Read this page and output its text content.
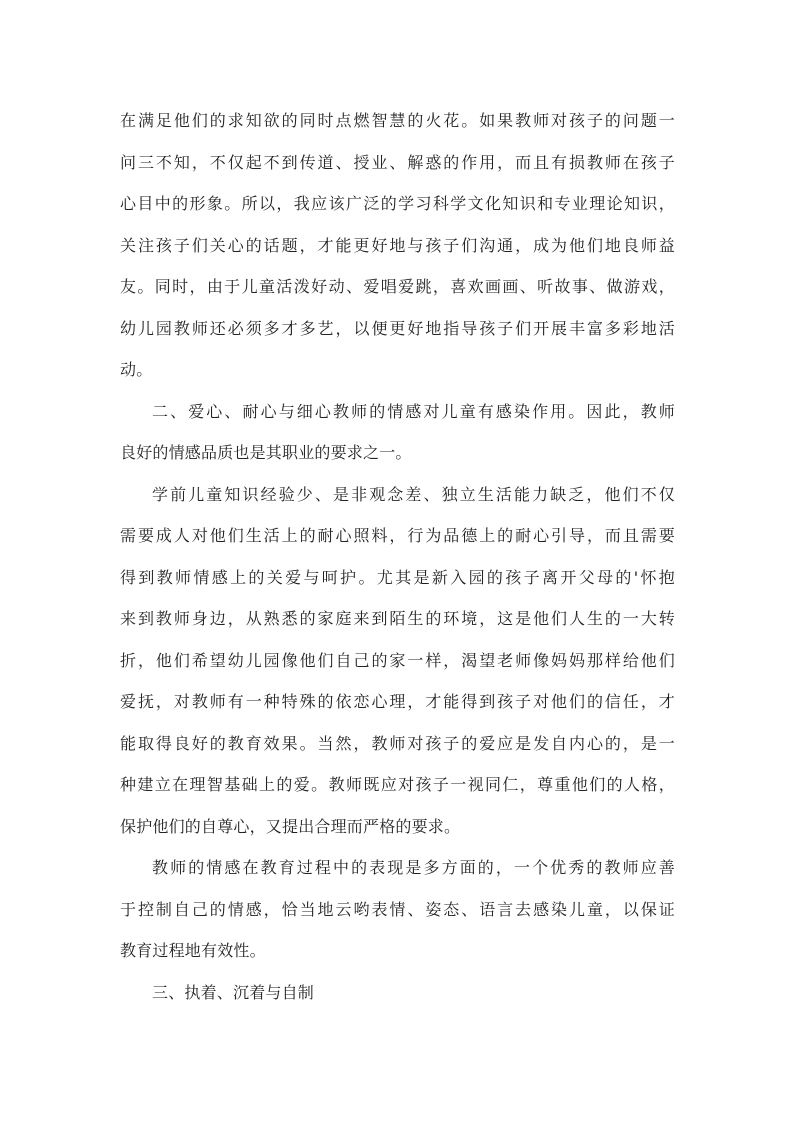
在满足他们的求知欲的同时点燃智慧的火花。如果教师对孩子的问题一
问三不知，不仅起不到传道、授业、解惑的作用，而且有损教师在孩子
心目中的形象。所以，我应该广泛的学习科学文化知识和专业理论知识，
关注孩子们关心的话题，才能更好地与孩子们沟通，成为他们地良师益
友。同时，由于儿童活泼好动、爱唱爱跳，喜欢画画、听故事、做游戏，
幼儿园教师还必须多才多艺，以便更好地指导孩子们开展丰富多彩地活
动。
二、爱心、耐心与细心教师的情感对儿童有感染作用。因此，教师
良好的情感品质也是其职业的要求之一。
学前儿童知识经验少、是非观念差、独立生活能力缺乏，他们不仅
需要成人对他们生活上的耐心照料，行为品德上的耐心引导，而且需要
得到教师情感上的关爱与呵护。尤其是新入园的孩子离开父母的'怀抱
来到教师身边，从熟悉的家庭来到陌生的环境，这是他们人生的一大转
折，他们希望幼儿园像他们自己的家一样，渴望老师像妈妈那样给他们
爱抚，对教师有一种特殊的依恋心理，才能得到孩子对他们的信任，才
能取得良好的教育效果。当然，教师对孩子的爱应是发自内心的，是一
种建立在理智基础上的爱。教师既应对孩子一视同仁，尊重他们的人格，
保护他们的自尊心，又提出合理而严格的要求。
教师的情感在教育过程中的表现是多方面的，一个优秀的教师应善
于控制自己的情感，恰当地云哟表情、姿态、语言去感染儿童，以保证
教育过程地有效性。
三、执着、沉着与自制
